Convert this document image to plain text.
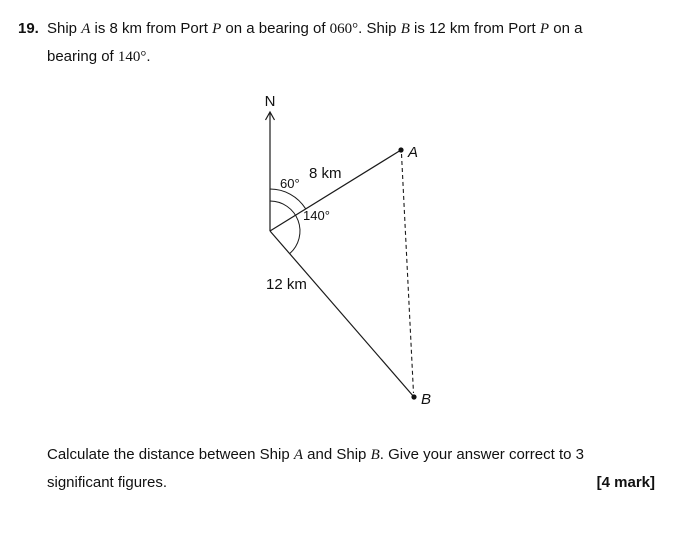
19. Ship A is 8 km from Port P on a bearing of 060°. Ship B is 12 km from Port P on a
bearing of 140°.
N
A
B
8 km
60°
140°
12 km
Calculate the distance between Ship A and Ship B. Give your answer correct to 3
significant figures.	[4 mark]
